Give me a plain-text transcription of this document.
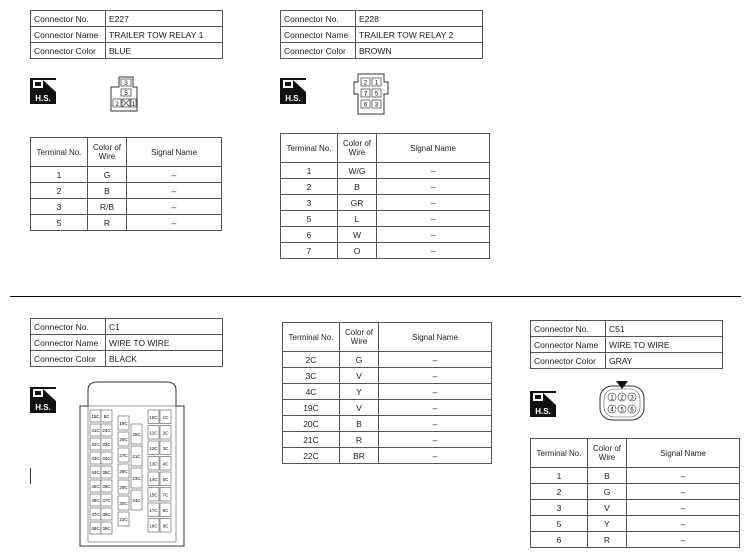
Connector No.	E227
Connector Name	TRAILER TOW RELAY 1
Connector Color	BLUE
H.S.
3
5
2 1
Terminal No.	Color of Wire	Signal Name
1	G	–
2	B	–
3	R/B	–
5	R	–
Connector No.	E228
Connector Name	TRAILER TOW RELAY 2
Connector Color	BROWN
H.S.
2 1
7 5
6 3
Terminal No.	Color of Wire	Signal Name
1	W/G	–
2	B	–
3	GR	–
5	L	–
6	W	–
7	O	–
Connector No.	C1
Connector Name	WIRE TO WIRE
Connector Color	BLACK
H.S.
16C
41C
42C
43C
44C
45C
46C
47C
48C
5C
24C
33C
34C
35C
36C
37C
38C
39C
19C
26C
27C
28C
29C
30C
22C
25C
21C
23C
24C
15C
11C
12C
13C
14C
15C
17C
18C
1C
2C
3C
4C
5C
7C
8C
9C
Terminal No.	Color of Wire	Signal Name
2C	G	–
3C	V	–
4C	Y	–
19C	V	–
20C	B	–
21C	R	–
22C	BR	–
Connector No.	C51
Connector Name	WIRE TO WIRE
Connector Color	GRAY
H.S.
1 2 3
4 5 6
Terminal No.	Color of Wire	Signal Name
1	B	–
2	G	–
3	V	–
5	Y	–
6	R	–
